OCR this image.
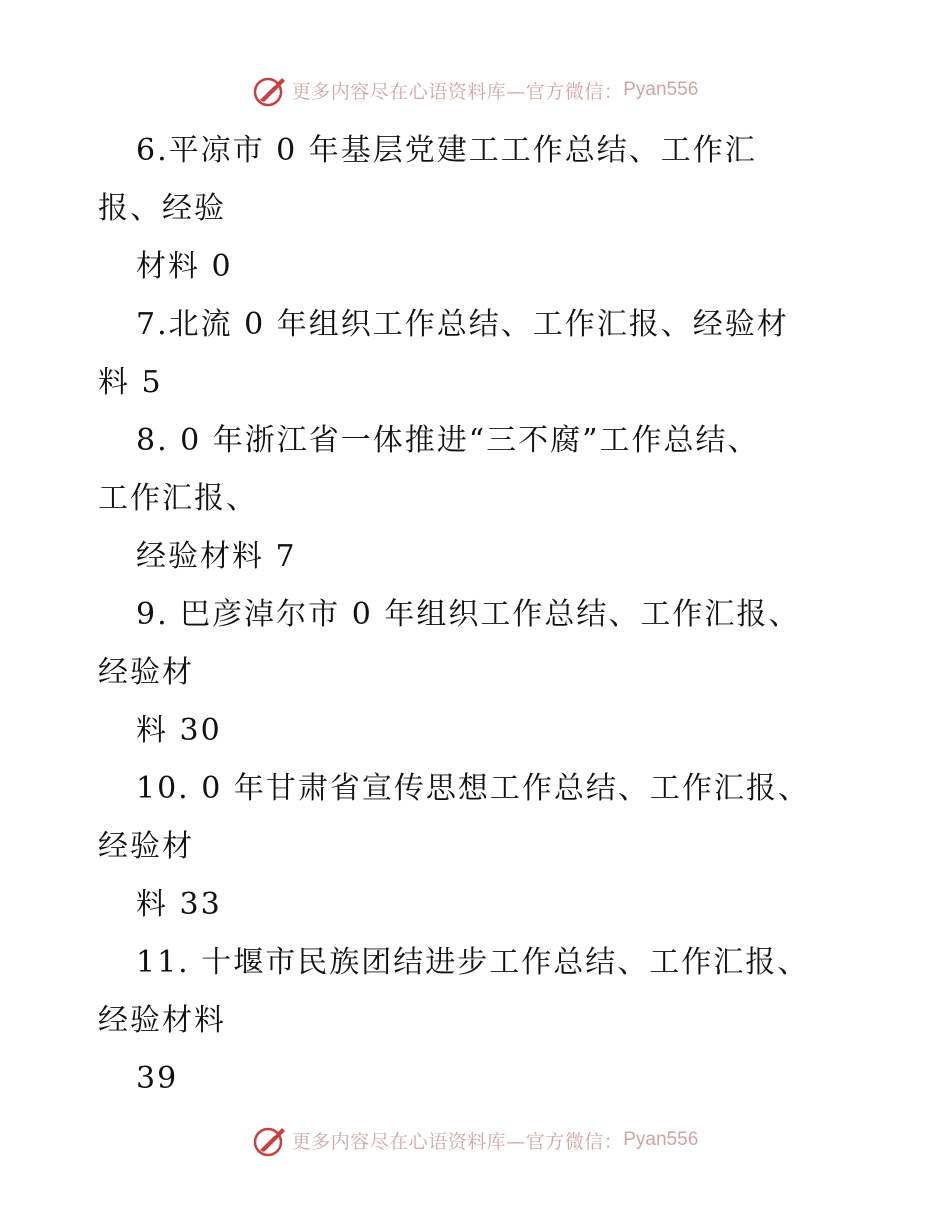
更多内容尽在心语资料库—官方微信： Pyan556
6.平凉市 0 年基层党建工工作总结、工作汇
报、经验
材料 0
7.北流 0 年组织工作总结、工作汇报、经验材
料 5
8. 0 年浙江省一体推进“三不腐”工作总结、
工作汇报、
经验材料 7
9. 巴彦淖尔市 0 年组织工作总结、工作汇报、
经验材
料 30
10. 0 年甘肃省宣传思想工作总结、工作汇报、
经验材
料 33
11. 十堰市民族团结进步工作总结、工作汇报、
经验材料
39
更多内容尽在心语资料库—官方微信： Pyan556
